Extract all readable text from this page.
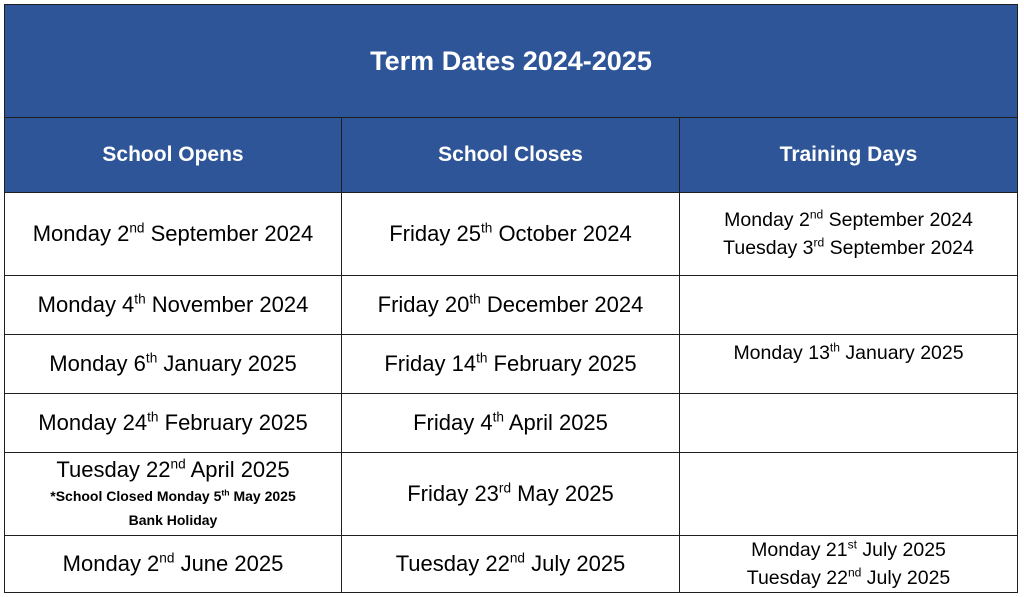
Term Dates 2024-2025		
School Opens	School Closes	Training Days
Monday 2nd September 2024	Friday 25th October 2024	Monday 2nd September 2024
Tuesday 3rd September 2024

Monday 4th November 2024	Friday 20th December 2024	
Monday 6th January 2025	Friday 14th February 2025	Monday 13th January 2025

Monday 24th February 2025	Friday 4th April 2025	

Tuesday 22nd April 2025
*School Closed Monday 5th May 2025
Bank Holiday	Friday 23rd May 2025	
Monday 2nd June 2025	Tuesday 22nd July 2025	Monday 21st July 2025
Tuesday 22nd July 2025
